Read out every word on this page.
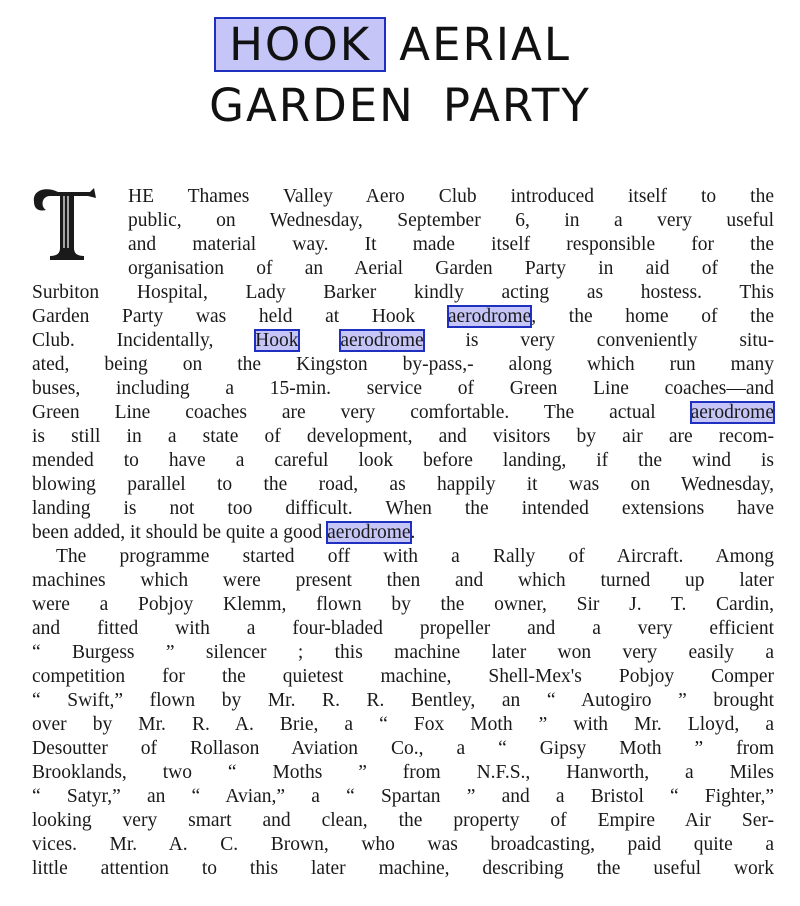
HOOK AERIAL
GARDEN PARTY
T
HE Thames Valley Aero Club introduced itself to the
public, on Wednesday, September 6, in a very useful
and material way. It made itself responsible for the
organisation of an Aerial Garden Party in aid of the
Surbiton Hospital, Lady Barker kindly acting as hostess. This
Garden Party was held at Hook aerodrome, the home of the
Club. Incidentally, Hook aerodrome is very conveniently situ-
ated, being on the Kingston by-pass,- along which run many
buses, including a 15-min. service of Green Line coaches—and
Green Line coaches are very comfortable. The actual aerodrome
is still in a state of development, and visitors by air are recom-
mended to have a careful look before landing, if the wind is
blowing parallel to the road, as happily it was on Wednesday,
landing is not too difficult. When the intended extensions have
been added, it should be quite a good aerodrome.
The programme started off with a Rally of Aircraft. Among
machines which were present then and which turned up later
were a Pobjoy Klemm, flown by the owner, Sir J. T. Cardin,
and fitted with a four-bladed propeller and a very efficient
“ Burgess ” silencer ; this machine later won very easily a
competition for the quietest machine, Shell-Mex's Pobjoy Comper
“ Swift,” flown by Mr. R. R. Bentley, an “ Autogiro ” brought
over by Mr. R. A. Brie, a “ Fox Moth ” with Mr. Lloyd, a
Desoutter of Rollason Aviation Co., a “ Gipsy Moth ” from
Brooklands, two “ Moths ” from N.F.S., Hanworth, a Miles
“ Satyr,” an “ Avian,” a “ Spartan ” and a Bristol “ Fighter,”
looking very smart and clean, the property of Empire Air Ser-
vices. Mr. A. C. Brown, who was broadcasting, paid quite a
little attention to this later machine, describing the useful work
